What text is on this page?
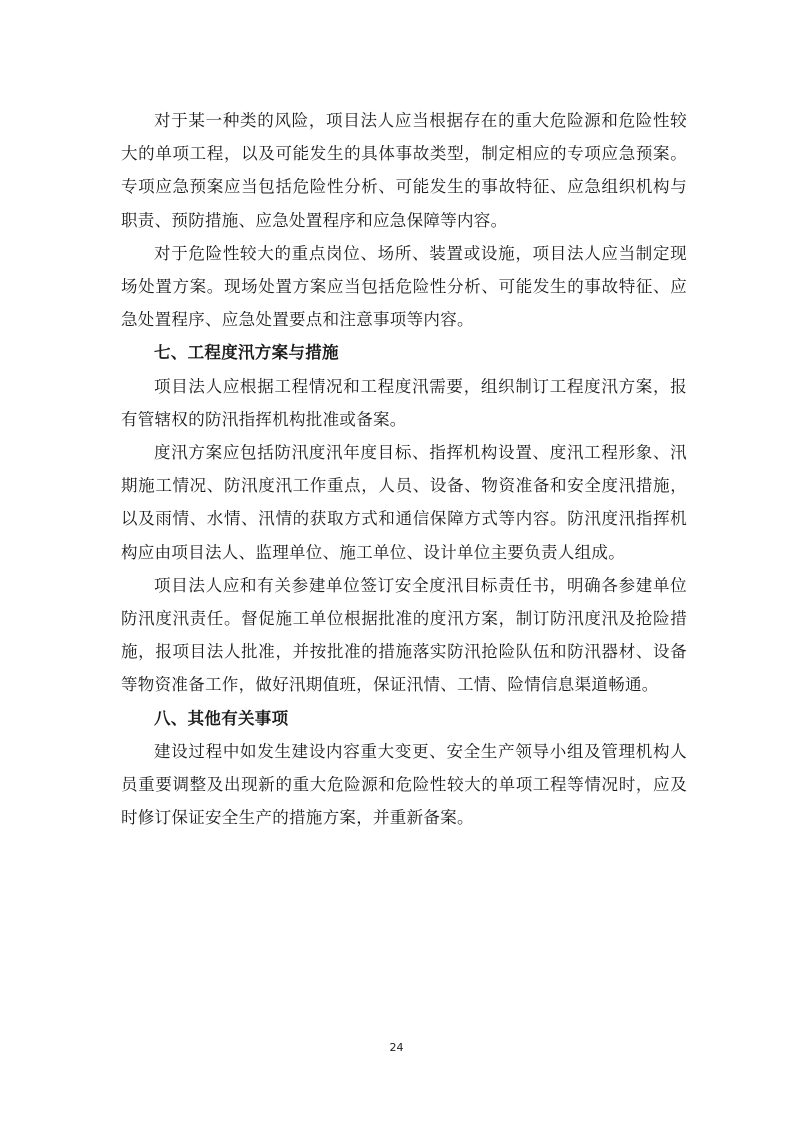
对于某一种类的风险，项目法人应当根据存在的重大危险源和危险性较大的单项工程，以及可能发生的具体事故类型，制定相应的专项应急预案。专项应急预案应当包括危险性分析、可能发生的事故特征、应急组织机构与职责、预防措施、应急处置程序和应急保障等内容。

对于危险性较大的重点岗位、场所、装置或设施，项目法人应当制定现场处置方案。现场处置方案应当包括危险性分析、可能发生的事故特征、应急处置程序、应急处置要点和注意事项等内容。

七、工程度汛方案与措施

项目法人应根据工程情况和工程度汛需要，组织制订工程度汛方案，报有管辖权的防汛指挥机构批准或备案。

度汛方案应包括防汛度汛年度目标、指挥机构设置、度汛工程形象、汛期施工情况、防汛度汛工作重点，人员、设备、物资准备和安全度汛措施，以及雨情、水情、汛情的获取方式和通信保障方式等内容。防汛度汛指挥机构应由项目法人、监理单位、施工单位、设计单位主要负责人组成。

项目法人应和有关参建单位签订安全度汛目标责任书，明确各参建单位防汛度汛责任。督促施工单位根据批准的度汛方案，制订防汛度汛及抢险措施，报项目法人批准，并按批准的措施落实防汛抢险队伍和防汛器材、设备等物资准备工作，做好汛期值班，保证汛情、工情、险情信息渠道畅通。

八、其他有关事项

建设过程中如发生建设内容重大变更、安全生产领导小组及管理机构人员重要调整及出现新的重大危险源和危险性较大的单项工程等情况时，应及时修订保证安全生产的措施方案，并重新备案。

24
